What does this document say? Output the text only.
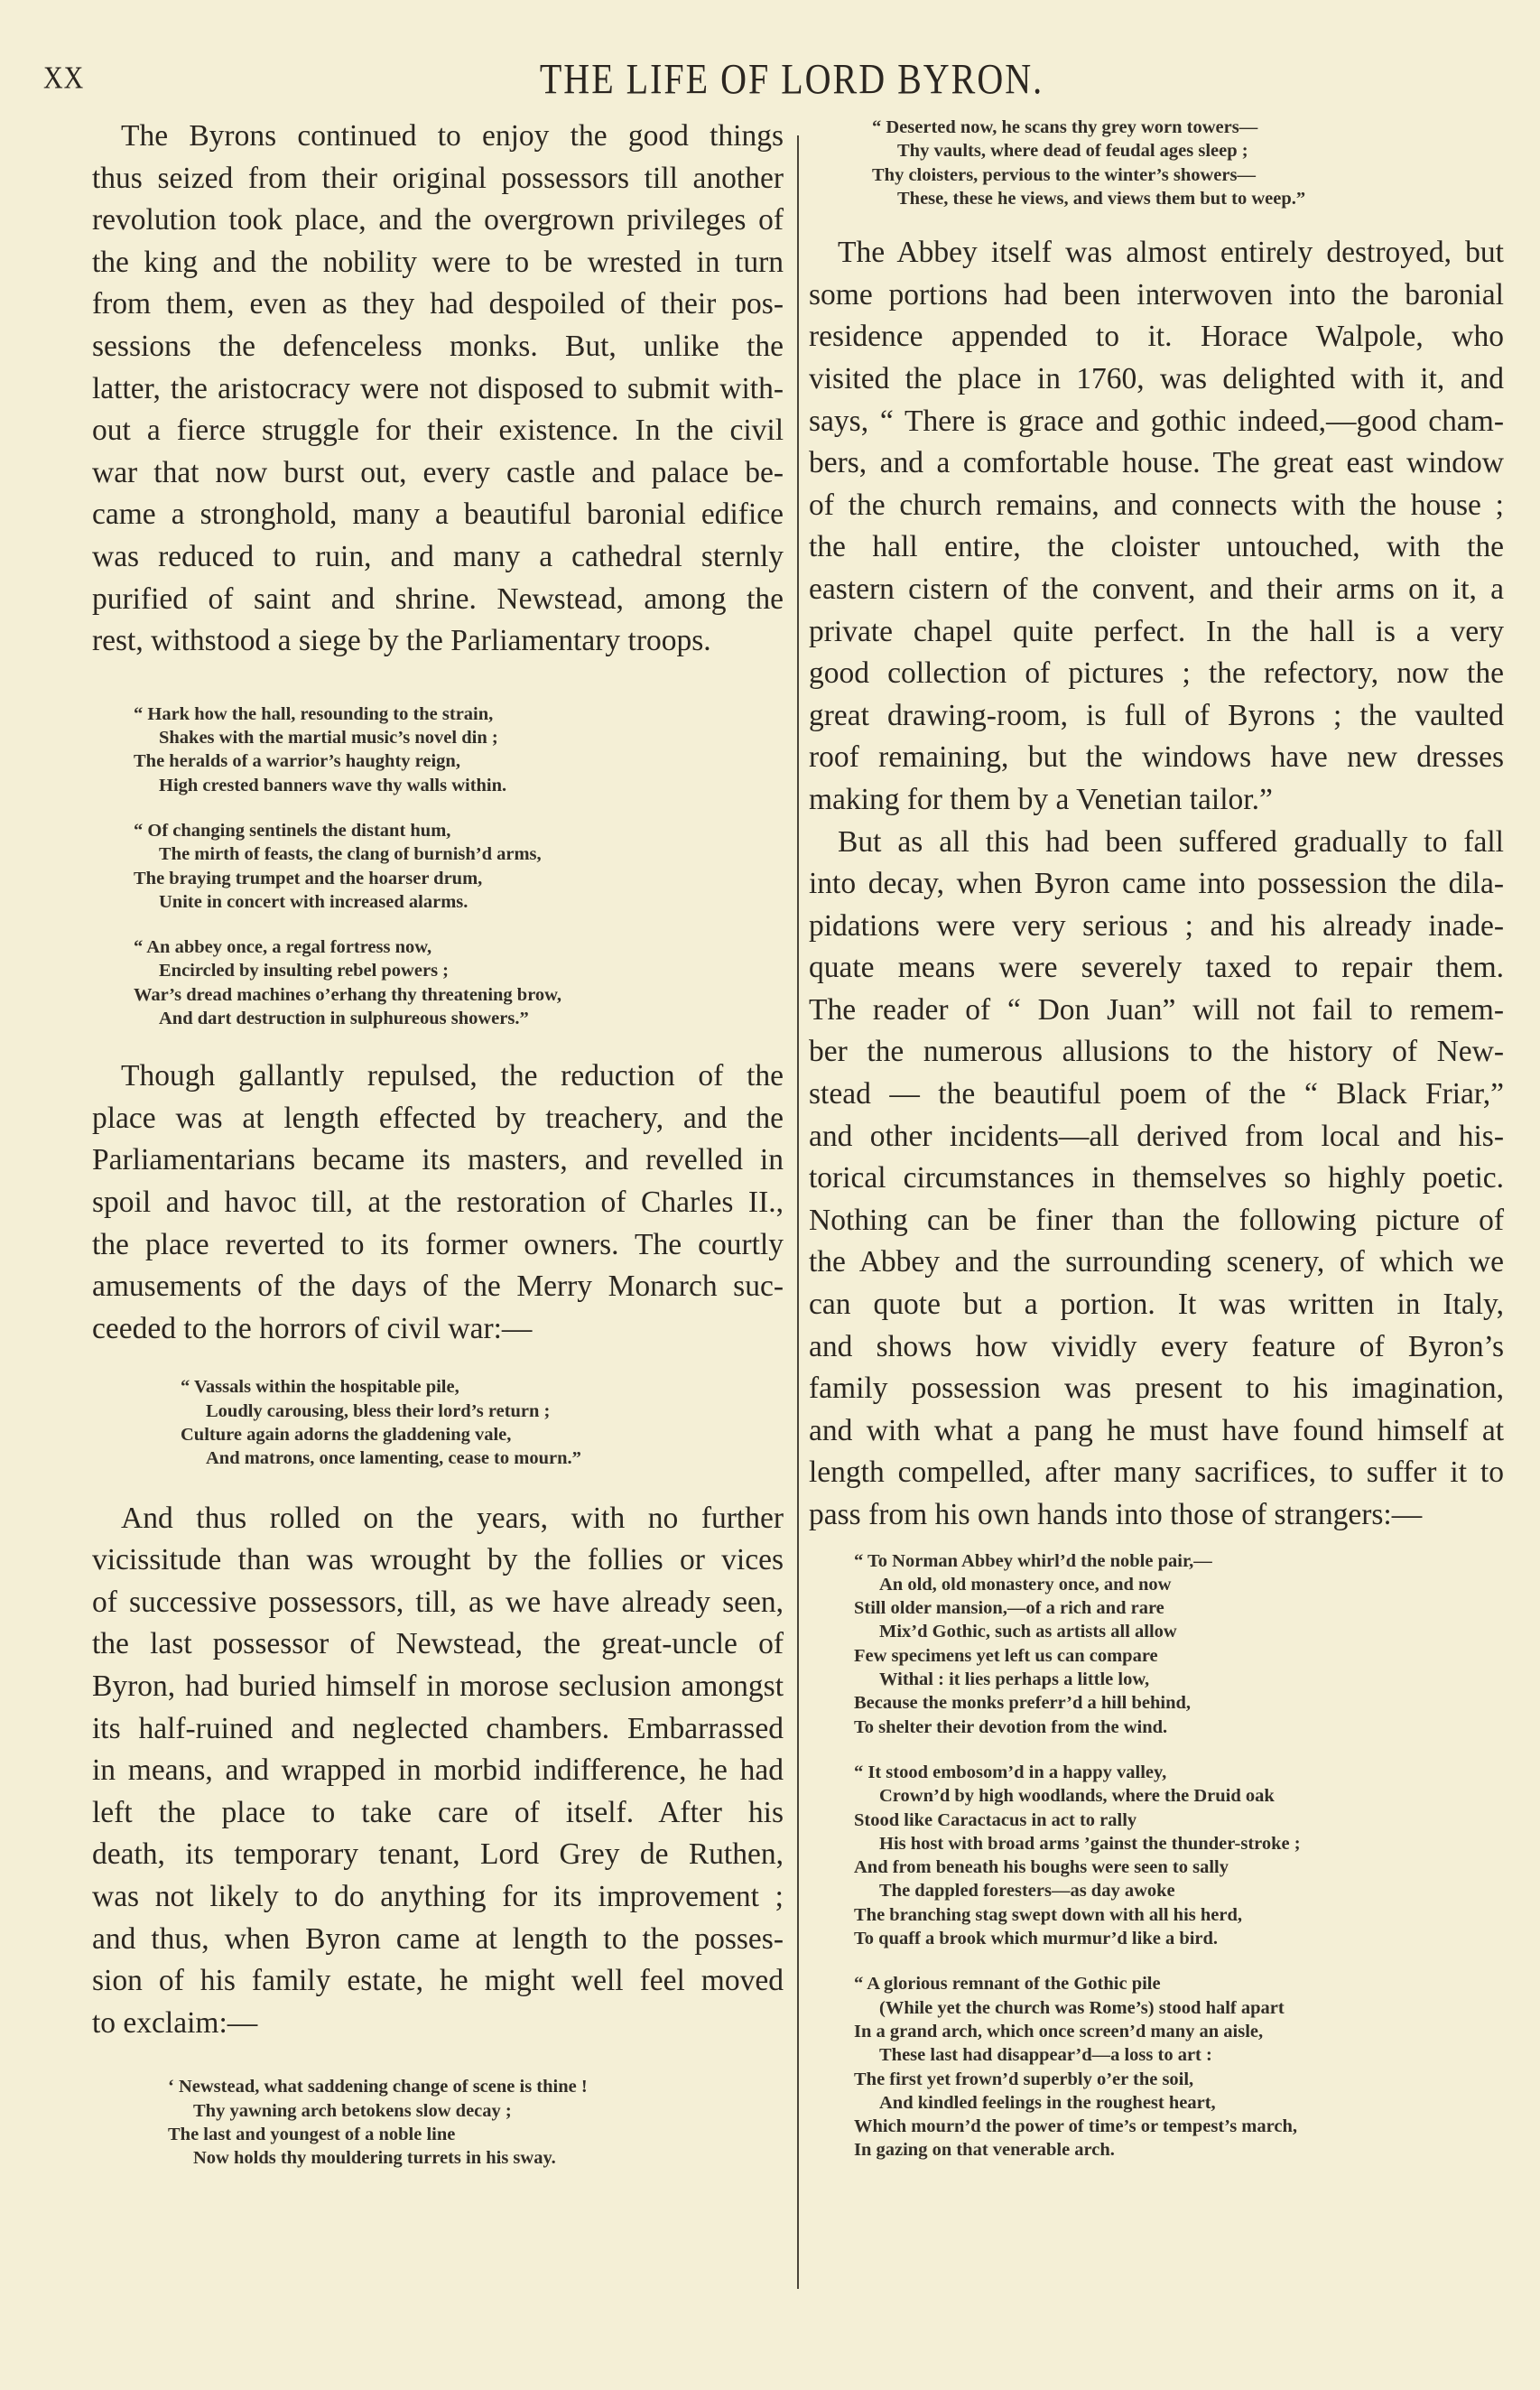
XX	THE LIFE OF LORD BYRON.
The Byrons continued to enjoy the good things
thus seized from their original possessors till another
revolution took place, and the overgrown privileges of
the king and the nobility were to be wrested in turn
from them, even as they had despoiled of their pos-
sessions the defenceless monks. But, unlike the
latter, the aristocracy were not disposed to submit with-
out a fierce struggle for their existence. In the civil
war that now burst out, every castle and palace be-
came a stronghold, many a beautiful baronial edifice
was reduced to ruin, and many a cathedral sternly
purified of saint and shrine. Newstead, among the
rest, withstood a siege by the Parliamentary troops.
“ Hark how the hall, resounding to the strain,
Shakes with the martial music’s novel din ;
The heralds of a warrior’s haughty reign,
High crested banners wave thy walls within.
“ Of changing sentinels the distant hum,
The mirth of feasts, the clang of burnish’d arms,
The braying trumpet and the hoarser drum,
Unite in concert with increased alarms.
“ An abbey once, a regal fortress now,
Encircled by insulting rebel powers ;
War’s dread machines o’erhang thy threatening brow,
And dart destruction in sulphureous showers.”
Though gallantly repulsed, the reduction of the
place was at length effected by treachery, and the
Parliamentarians became its masters, and revelled in
spoil and havoc till, at the restoration of Charles II.,
the place reverted to its former owners. The courtly
amusements of the days of the Merry Monarch suc-
ceeded to the horrors of civil war:—
“ Vassals within the hospitable pile,
Loudly carousing, bless their lord’s return ;
Culture again adorns the gladdening vale,
And matrons, once lamenting, cease to mourn.”
And thus rolled on the years, with no further
vicissitude than was wrought by the follies or vices
of successive possessors, till, as we have already seen,
the last possessor of Newstead, the great-uncle of
Byron, had buried himself in morose seclusion amongst
its half-ruined and neglected chambers. Embarrassed
in means, and wrapped in morbid indifference, he had
left the place to take care of itself. After his
death, its temporary tenant, Lord Grey de Ruthen,
was not likely to do anything for its improvement ;
and thus, when Byron came at length to the posses-
sion of his family estate, he might well feel moved
to exclaim:—
‘ Newstead, what saddening change of scene is thine !
Thy yawning arch betokens slow decay ;
The last and youngest of a noble line
Now holds thy mouldering turrets in his sway.
“ Deserted now, he scans thy grey worn towers—
Thy vaults, where dead of feudal ages sleep ;
Thy cloisters, pervious to the winter’s showers—
These, these he views, and views them but to weep.”
The Abbey itself was almost entirely destroyed, but
some portions had been interwoven into the baronial
residence appended to it. Horace Walpole, who
visited the place in 1760, was delighted with it, and
says, “ There is grace and gothic indeed,—good cham-
bers, and a comfortable house. The great east window
of the church remains, and connects with the house ;
the hall entire, the cloister untouched, with the
eastern cistern of the convent, and their arms on it, a
private chapel quite perfect. In the hall is a very
good collection of pictures ; the refectory, now the
great drawing-room, is full of Byrons ; the vaulted
roof remaining, but the windows have new dresses
making for them by a Venetian tailor.”
But as all this had been suffered gradually to fall
into decay, when Byron came into possession the dila-
pidations were very serious ; and his already inade-
quate means were severely taxed to repair them.
The reader of “ Don Juan” will not fail to remem-
ber the numerous allusions to the history of New-
stead — the beautiful poem of the “ Black Friar,”
and other incidents—all derived from local and his-
torical circumstances in themselves so highly poetic.
Nothing can be finer than the following picture of
the Abbey and the surrounding scenery, of which we
can quote but a portion. It was written in Italy,
and shows how vividly every feature of Byron’s
family possession was present to his imagination,
and with what a pang he must have found himself at
length compelled, after many sacrifices, to suffer it to
pass from his own hands into those of strangers:—
“ To Norman Abbey whirl’d the noble pair,—
An old, old monastery once, and now
Still older mansion,—of a rich and rare
Mix’d Gothic, such as artists all allow
Few specimens yet left us can compare
Withal : it lies perhaps a little low,
Because the monks preferr’d a hill behind,
To shelter their devotion from the wind.
“ It stood embosom’d in a happy valley,
Crown’d by high woodlands, where the Druid oak
Stood like Caractacus in act to rally
His host with broad arms ’gainst the thunder-stroke ;
And from beneath his boughs were seen to sally
The dappled foresters—as day awoke
The branching stag swept down with all his herd,
To quaff a brook which murmur’d like a bird.
“ A glorious remnant of the Gothic pile
(While yet the church was Rome’s) stood half apart
In a grand arch, which once screen’d many an aisle,
These last had disappear’d—a loss to art :
The first yet frown’d superbly o’er the soil,
And kindled feelings in the roughest heart,
Which mourn’d the power of time’s or tempest’s march,
In gazing on that venerable arch.
